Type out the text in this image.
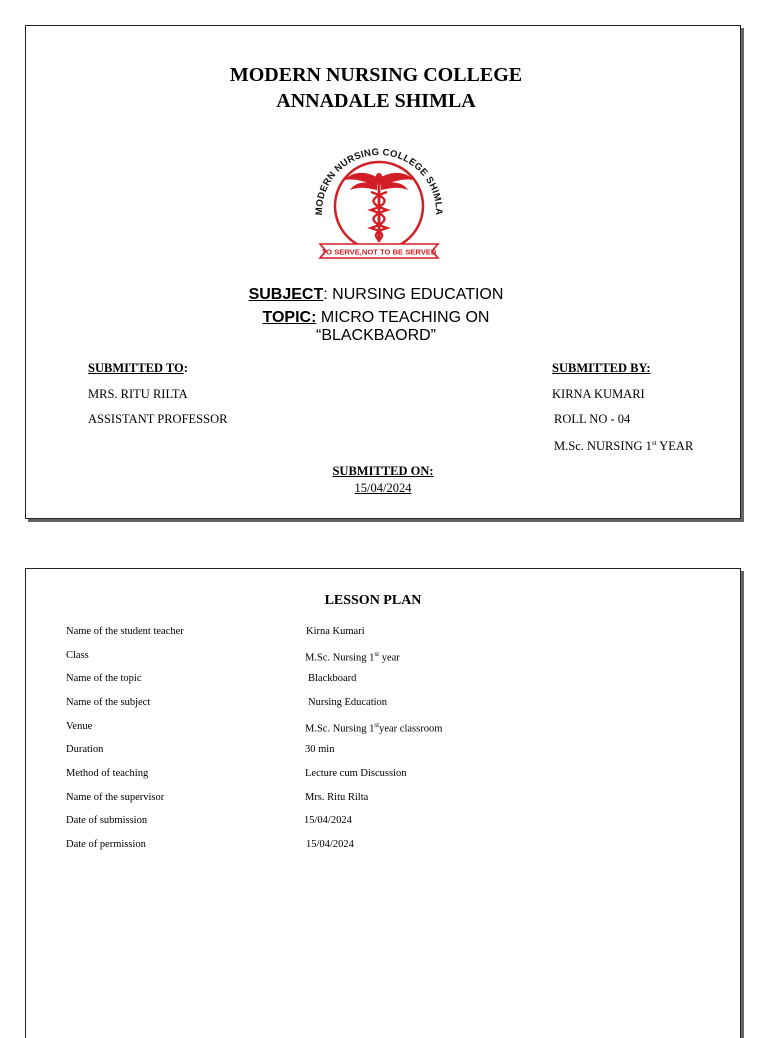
MODERN NURSING COLLEGE
ANNADALE SHIMLA
MODERN NURSING COLLEGE SHIMLA
TO SERVE,NOT TO BE SERVED
SUBJECT: NURSING EDUCATION
TOPIC: MICRO TEACHING ON
“BLACKBAORD”
SUBMITTED TO:
MRS. RITU RILTA
ASSISTANT PROFESSOR
SUBMITTED BY:
KIRNA KUMARI
ROLL NO - 04
M.Sc. NURSING 1st YEAR
SUBMITTED ON:
15/04/2024
LESSON PLAN
Name of the student teacher	Kirna Kumari
Class	M.Sc. Nursing 1st year
Name of the topic	Blackboard
Name of the subject	Nursing Education
Venue	M.Sc. Nursing 1styear classroom
Duration	30 min
Method of teaching	Lecture cum Discussion
Name of the supervisor	Mrs. Ritu Rilta
Date of submission	15/04/2024
Date of permission	15/04/2024
